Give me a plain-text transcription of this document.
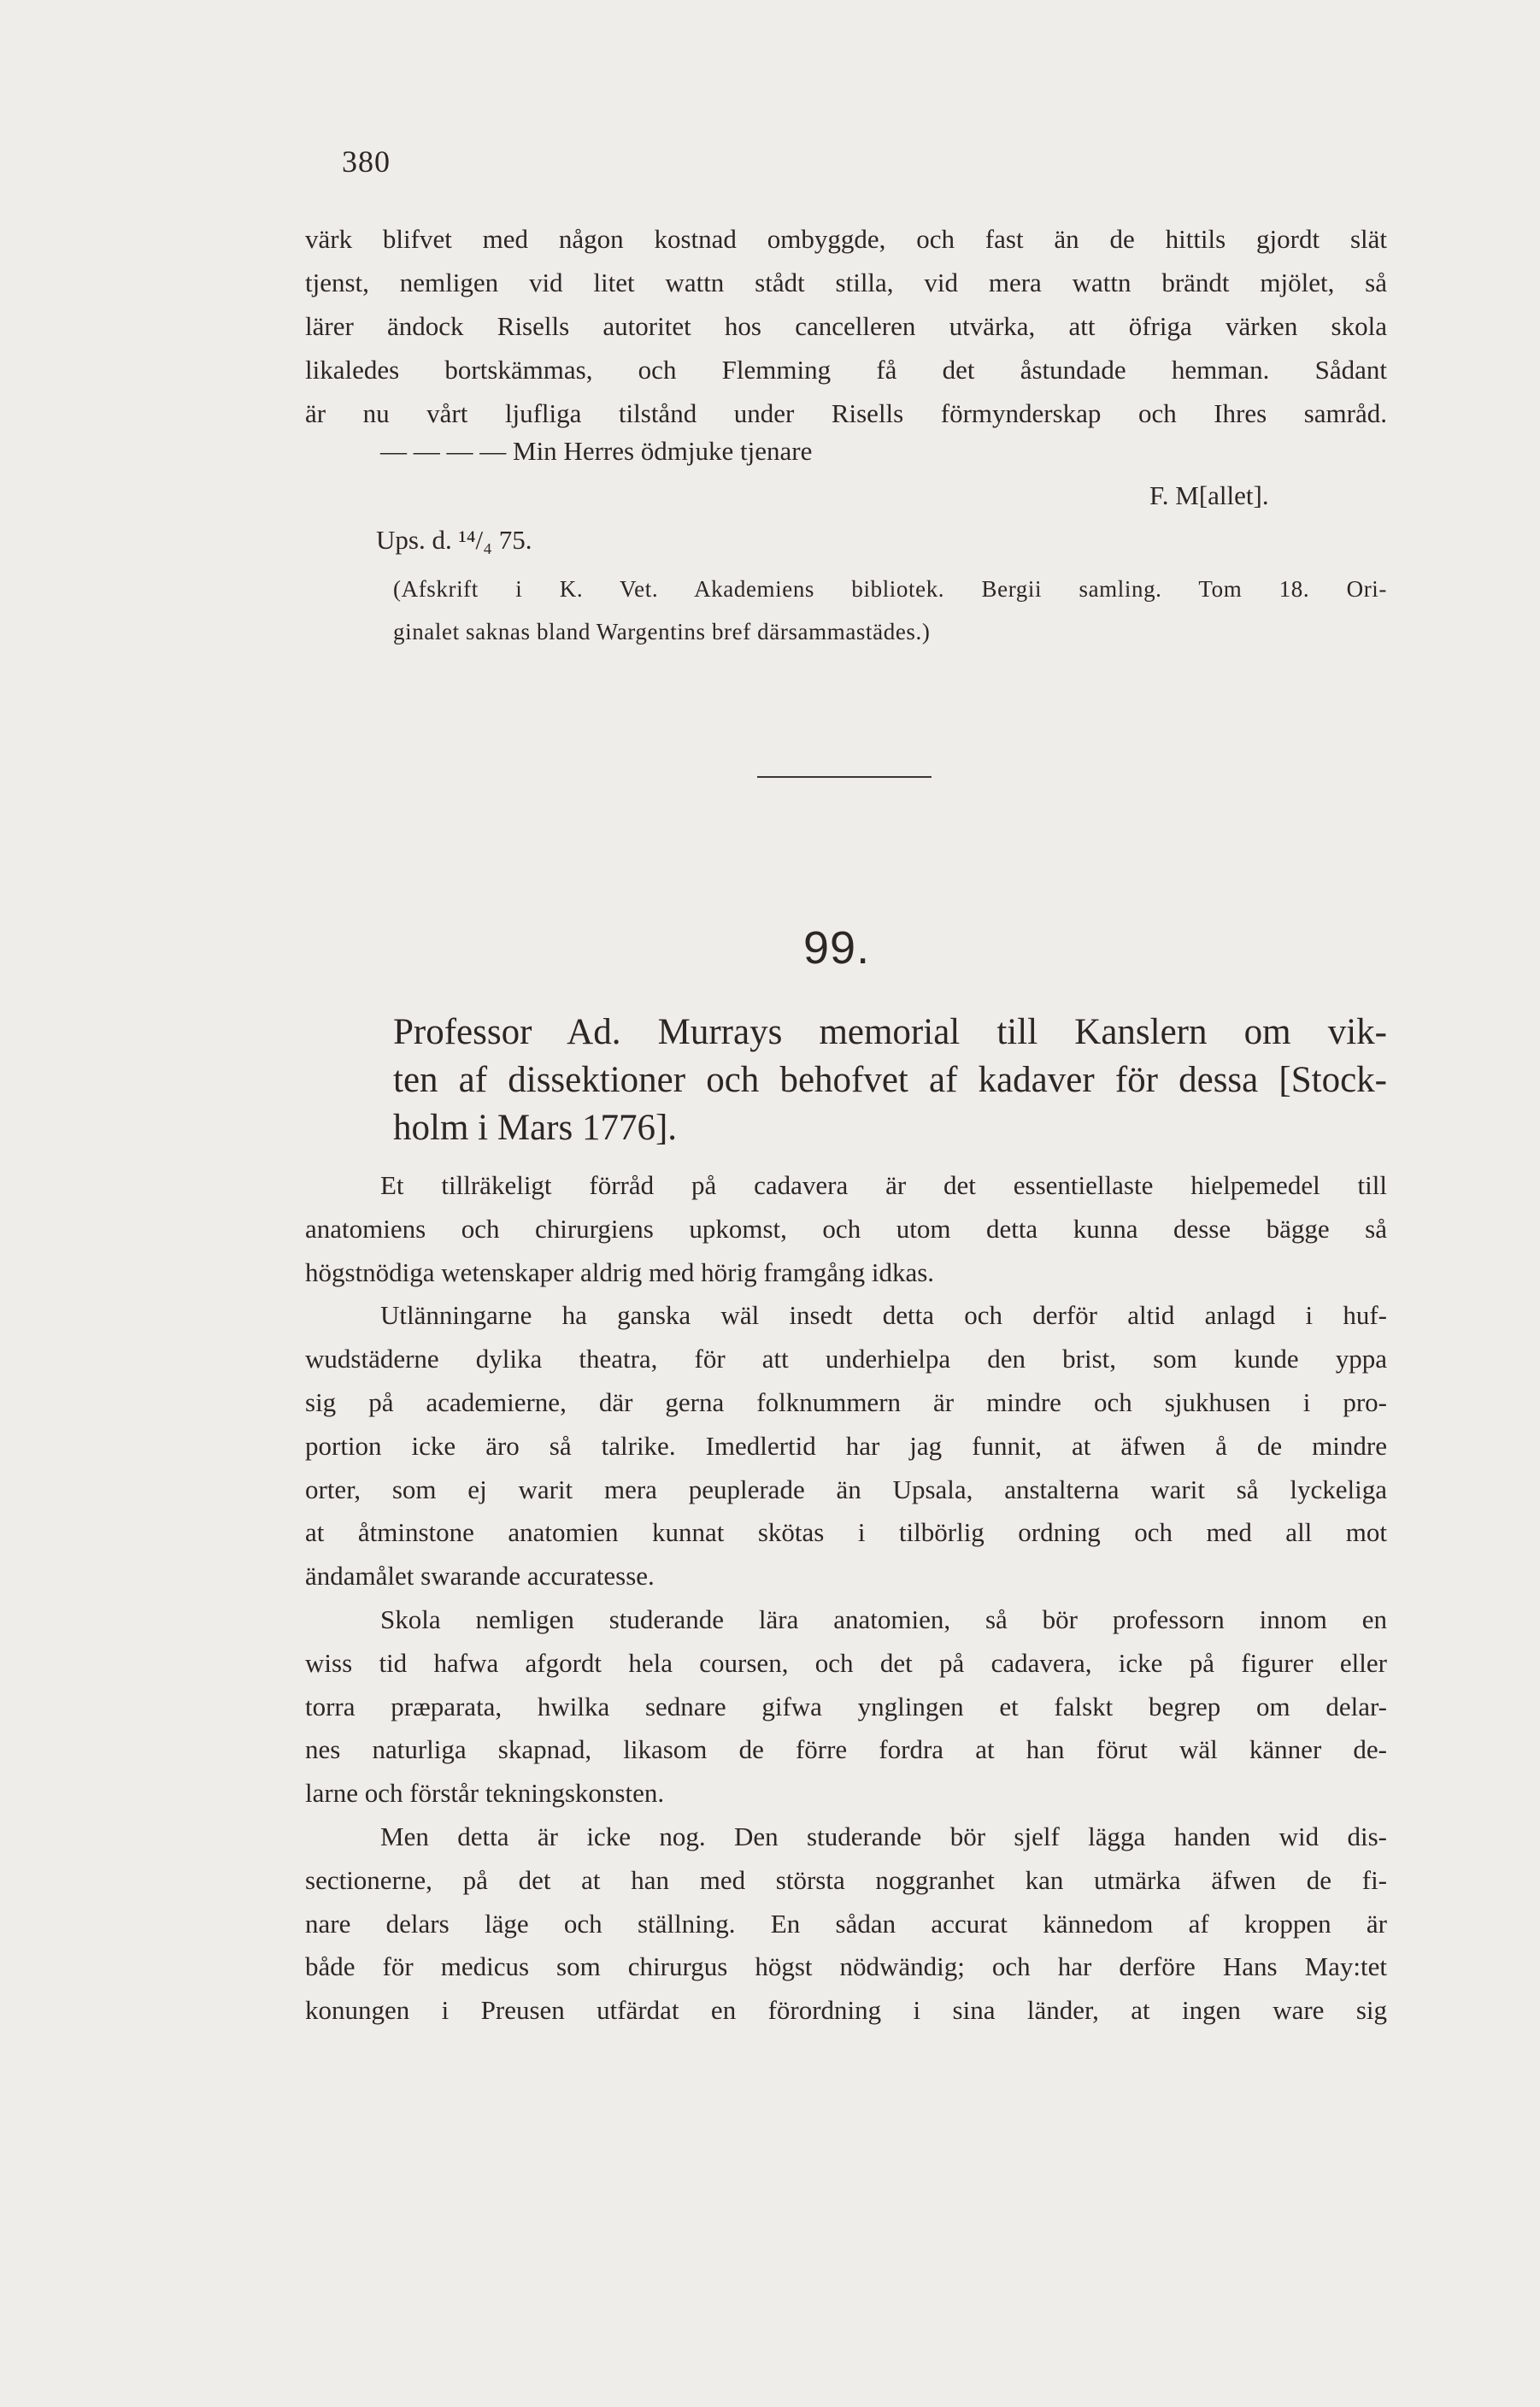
380
värk blifvet med någon kostnad ombyggde, och fast än de hittils gjordt slät
tjenst, nemligen vid litet wattn stådt stilla, vid mera wattn brändt mjölet, så
lärer ändock Risells autoritet hos cancelleren utvärka, att öfriga värken skola
likaledes bortskämmas, och Flemming få det åstundade hemman. Sådant
är nu vårt ljufliga tilstånd under Risells förmynderskap och Ihres samråd.
— — — — Min Herres ödmjuke tjenare
F. M[allet].
Ups. d. ¹⁴/₄ 75.
(Afskrift i K. Vet. Akademiens bibliotek. Bergii samling. Tom 18. Ori-
ginalet saknas bland Wargentins bref därsammastädes.)
99.
Professor Ad. Murrays memorial till Kanslern om vik-
ten af dissektioner och behofvet af kadaver för dessa [Stock-
holm i Mars 1776].
Et tillräkeligt förråd på cadavera är det essentiellaste hielpemedel till
anatomiens och chirurgiens upkomst, och utom detta kunna desse bägge så
högstnödiga wetenskaper aldrig med hörig framgång idkas.
Utlänningarne ha ganska wäl insedt detta och derför altid anlagd i huf-
wudstäderne dylika theatra, för att underhielpa den brist, som kunde yppa
sig på academierne, där gerna folknummern är mindre och sjukhusen i pro-
portion icke äro så talrike. Imedlertid har jag funnit, at äfwen å de mindre
orter, som ej warit mera peuplerade än Upsala, anstalterna warit så lyckeliga
at åtminstone anatomien kunnat skötas i tilbörlig ordning och med all mot
ändamålet swarande accuratesse.
Skola nemligen studerande lära anatomien, så bör professorn innom en
wiss tid hafwa afgordt hela coursen, och det på cadavera, icke på figurer eller
torra præparata, hwilka sednare gifwa ynglingen et falskt begrep om delar-
nes naturliga skapnad, likasom de förre fordra at han förut wäl känner de-
larne och förstår tekningskonsten.
Men detta är icke nog. Den studerande bör sjelf lägga handen wid dis-
sectionerne, på det at han med största noggranhet kan utmärka äfwen de fi-
nare delars läge och ställning. En sådan accurat kännedom af kroppen är
både för medicus som chirurgus högst nödwändig; och har derföre Hans May:tet
konungen i Preusen utfärdat en förordning i sina länder, at ingen ware sig
